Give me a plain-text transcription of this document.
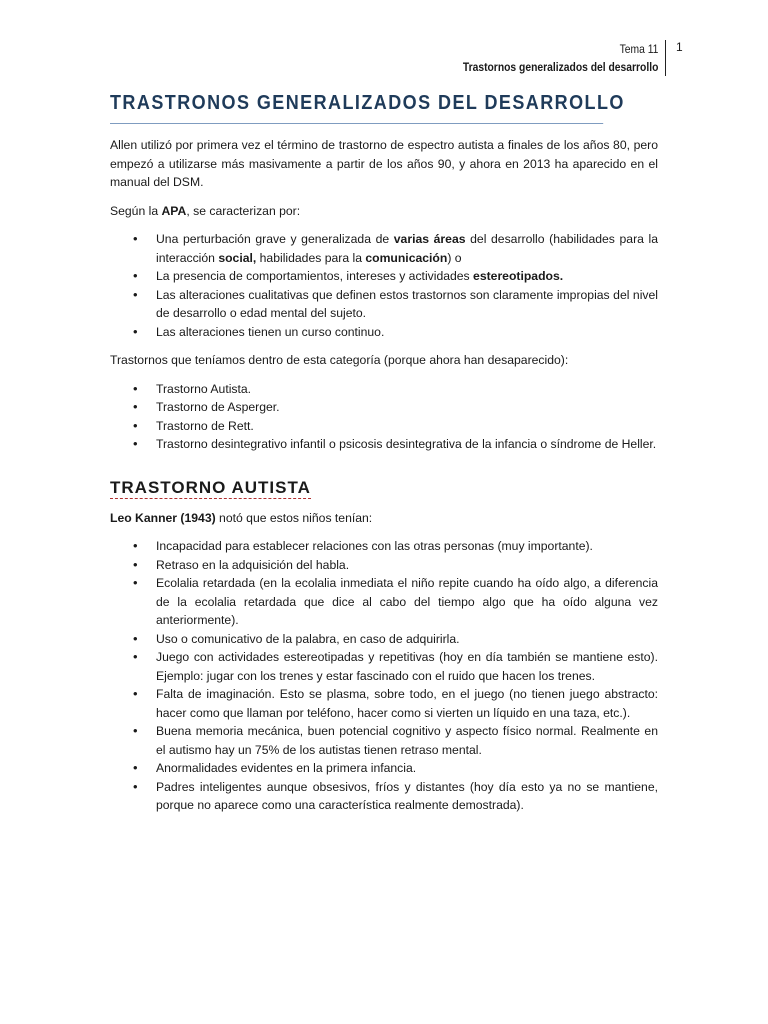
Tema 11
Trastornos generalizados del desarrollo
1
TRASTRONOS GENERALIZADOS DEL DESARROLLO

Allen utilizó por primera vez el término de trastorno de espectro autista a finales de los años 80, pero empezó a utilizarse más masivamente a partir de los años 90, y ahora en 2013 ha aparecido en el manual del DSM.

Según la APA, se caracterizan por:

• Una perturbación grave y generalizada de varias áreas del desarrollo (habilidades para la interacción social, habilidades para la comunicación) o
• La presencia de comportamientos, intereses y actividades estereotipados.
• Las alteraciones cualitativas que definen estos trastornos son claramente impropias del nivel de desarrollo o edad mental del sujeto.
• Las alteraciones tienen un curso continuo.

Trastornos que teníamos dentro de esta categoría (porque ahora han desaparecido):

• Trastorno Autista.
• Trastorno de Asperger.
• Trastorno de Rett.
• Trastorno desintegrativo infantil o psicosis desintegrativa de la infancia o síndrome de Heller.
TRASTORNO AUTISTA

Leo Kanner (1943) notó que estos niños tenían:

• Incapacidad para establecer relaciones con las otras personas (muy importante).
• Retraso en la adquisición del habla.
• Ecolalia retardada (en la ecolalia inmediata el niño repite cuando ha oído algo, a diferencia de la ecolalia retardada que dice al cabo del tiempo algo que ha oído alguna vez anteriormente).
• Uso o comunicativo de la palabra, en caso de adquirirla.
• Juego con actividades estereotipadas y repetitivas (hoy en día también se mantiene esto). Ejemplo: jugar con los trenes y estar fascinado con el ruido que hacen los trenes.
• Falta de imaginación. Esto se plasma, sobre todo, en el juego (no tienen juego abstracto: hacer como que llaman por teléfono, hacer como si vierten un líquido en una taza, etc.).
• Buena memoria mecánica, buen potencial cognitivo y aspecto físico normal. Realmente en el autismo hay un 75% de los autistas tienen retraso mental.
• Anormalidades evidentes en la primera infancia.
• Padres inteligentes aunque obsesivos, fríos y distantes (hoy día esto ya no se mantiene, porque no aparece como una característica realmente demostrada).
